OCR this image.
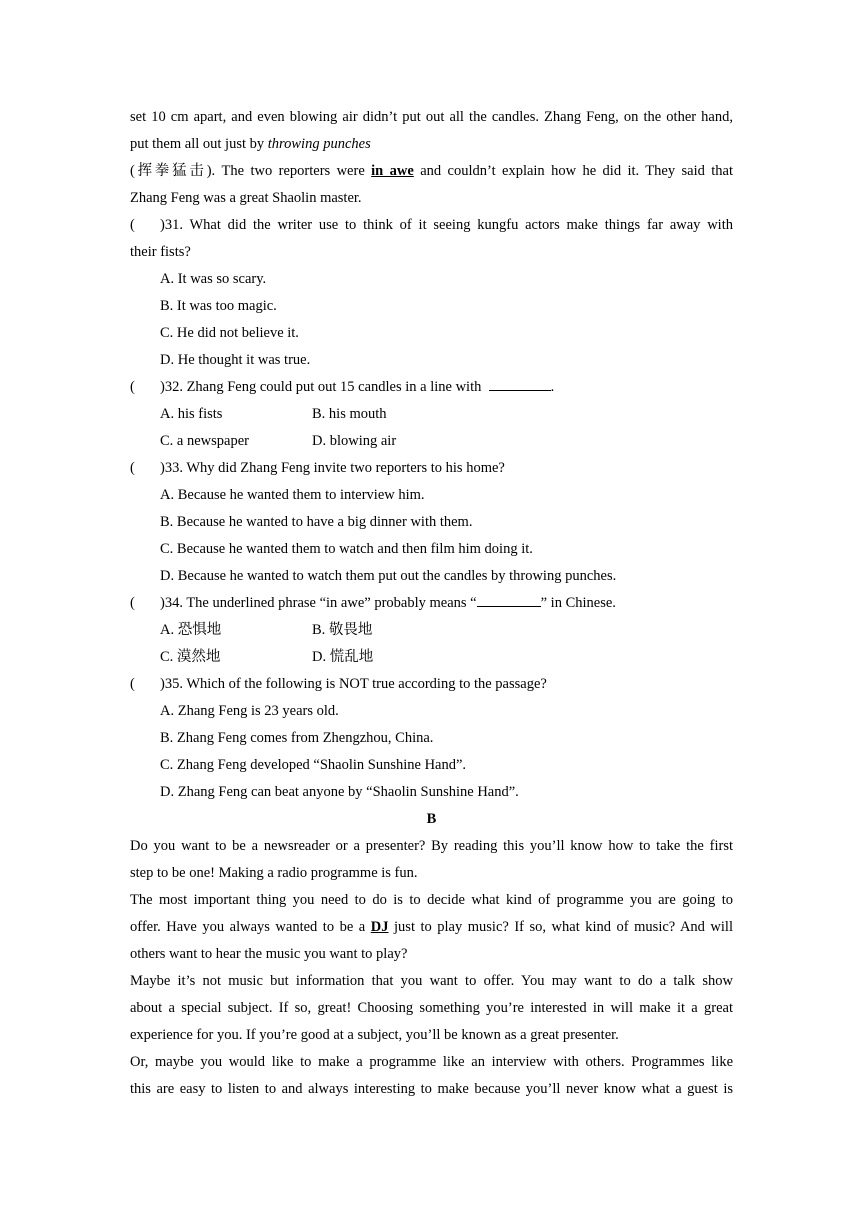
set 10 cm apart, and even blowing air didn’t put out all the candles. Zhang Feng, on the other hand,
put them all out just by throwing punches
(挥拳猛击). The two reporters were in awe and couldn’t explain how he did it. They said that
Zhang Feng was a great Shaolin master.
( )31. What did the writer use to think of it seeing kungfu actors make things far away with
their fists?
A. It was so scary.
B. It was too magic.
C. He did not believe it.
D. He thought it was true.
( )32. Zhang Feng could put out 15 candles in a line with	.
A. his fists	B. his mouth
C. a newspaper	D. blowing air
( )33. Why did Zhang Feng invite two reporters to his home?
A. Because he wanted them to interview him.
B. Because he wanted to have a big dinner with them.
C. Because he wanted them to watch and then film him doing it.
D. Because he wanted to watch them put out the candles by throwing punches.
( )34. The underlined phrase “in awe” probably means “	” in Chinese.
A. 恐惧地	B. 敬畏地
C. 漠然地	D. 慌乱地
( )35. Which of the following is NOT true according to the passage?
A. Zhang Feng is 23 years old.
B. Zhang Feng comes from Zhengzhou, China.
C. Zhang Feng developed “Shaolin Sunshine Hand”.
D. Zhang Feng can beat anyone by “Shaolin Sunshine Hand”.
B
Do you want to be a newsreader or a presenter? By reading this you’ll know how to take the first
step to be one! Making a radio programme is fun.
The most important thing you need to do is to decide what kind of programme you are going to
offer. Have you always wanted to be a DJ just to play music? If so, what kind of music? And will
others want to hear the music you want to play?
Maybe it’s not music but information that you want to offer. You may want to do a talk show
about a special subject. If so, great! Choosing something you’re interested in will make it a great
experience for you. If you’re good at a subject, you’ll be known as a great presenter.
Or, maybe you would like to make a programme like an interview with others. Programmes like
this are easy to listen to and always interesting to make because you’ll never know what a guest is
